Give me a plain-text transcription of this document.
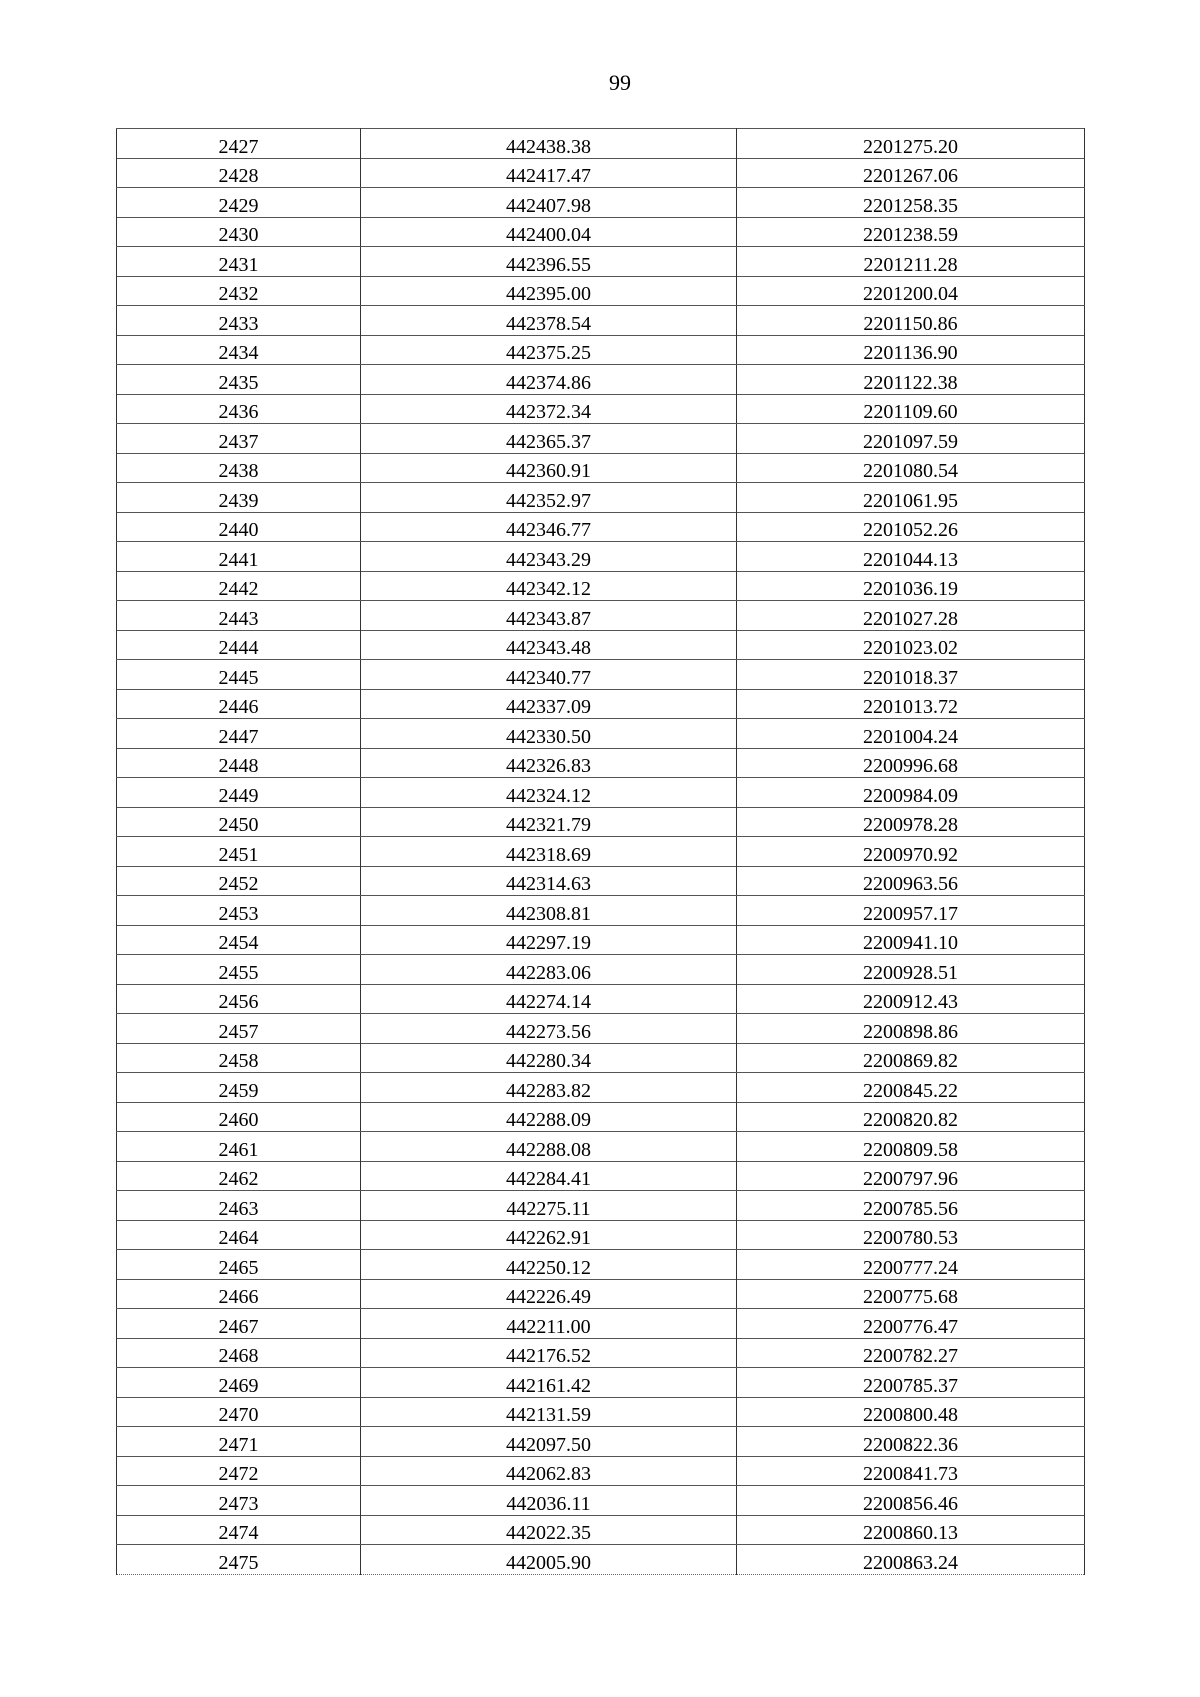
99
2427	442438.38	2201275.20
2428	442417.47	2201267.06
2429	442407.98	2201258.35
2430	442400.04	2201238.59
2431	442396.55	2201211.28
2432	442395.00	2201200.04
2433	442378.54	2201150.86
2434	442375.25	2201136.90
2435	442374.86	2201122.38
2436	442372.34	2201109.60
2437	442365.37	2201097.59
2438	442360.91	2201080.54
2439	442352.97	2201061.95
2440	442346.77	2201052.26
2441	442343.29	2201044.13
2442	442342.12	2201036.19
2443	442343.87	2201027.28
2444	442343.48	2201023.02
2445	442340.77	2201018.37
2446	442337.09	2201013.72
2447	442330.50	2201004.24
2448	442326.83	2200996.68
2449	442324.12	2200984.09
2450	442321.79	2200978.28
2451	442318.69	2200970.92
2452	442314.63	2200963.56
2453	442308.81	2200957.17
2454	442297.19	2200941.10
2455	442283.06	2200928.51
2456	442274.14	2200912.43
2457	442273.56	2200898.86
2458	442280.34	2200869.82
2459	442283.82	2200845.22
2460	442288.09	2200820.82
2461	442288.08	2200809.58
2462	442284.41	2200797.96
2463	442275.11	2200785.56
2464	442262.91	2200780.53
2465	442250.12	2200777.24
2466	442226.49	2200775.68
2467	442211.00	2200776.47
2468	442176.52	2200782.27
2469	442161.42	2200785.37
2470	442131.59	2200800.48
2471	442097.50	2200822.36
2472	442062.83	2200841.73
2473	442036.11	2200856.46
2474	442022.35	2200860.13
2475	442005.90	2200863.24
